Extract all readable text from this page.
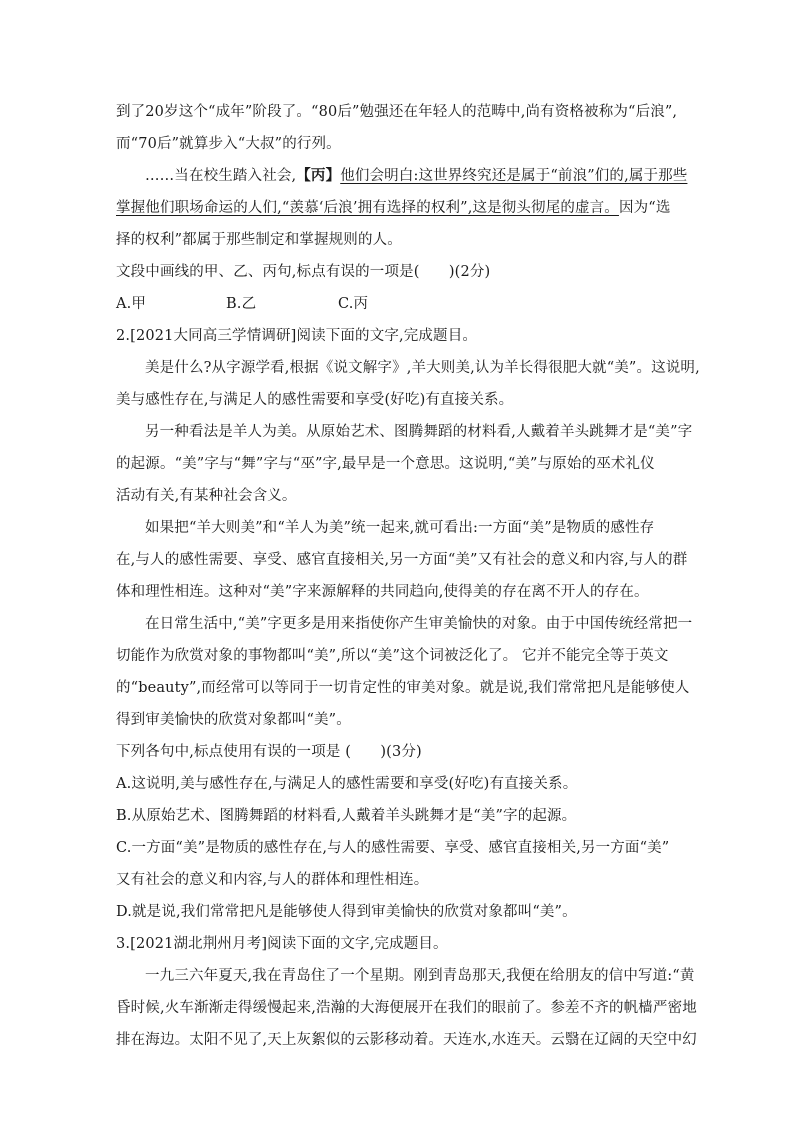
到了20岁这个“成年”阶段了。“80后”勉强还在年轻人的范畴中,尚有资格被称为“后浪”,
而“70后”就算步入“大叔”的行列。
……当在校生踏入社会,【丙】他们会明白:这世界终究还是属于“前浪”们的,属于那些
掌握他们职场命运的人们,“羡慕‘后浪’拥有选择的权利”,这是彻头彻尾的虚言。因为“选
择的权利”都属于那些制定和掌握规则的人。
文段中画线的甲、乙、丙句,标点有误的一项是(　　)(2分)
A.甲	B.乙	C.丙
2.[2021大同高三学情调研]阅读下面的文字,完成题目。
美是什么?从字源学看,根据《说文解字》,羊大则美,认为羊长得很肥大就“美”。这说明,
美与感性存在,与满足人的感性需要和享受(好吃)有直接关系。
另一种看法是羊人为美。从原始艺术、图腾舞蹈的材料看,人戴着羊头跳舞才是“美”字
的起源。“美”字与“舞”字与“巫”字,最早是一个意思。这说明,“美”与原始的巫术礼仪
活动有关,有某种社会含义。
如果把“羊大则美”和“羊人为美”统一起来,就可看出:一方面“美”是物质的感性存
在,与人的感性需要、享受、感官直接相关,另一方面“美”又有社会的意义和内容,与人的群
体和理性相连。这种对“美”字来源解释的共同趋向,使得美的存在离不开人的存在。
在日常生活中,“美”字更多是用来指使你产生审美愉快的对象。由于中国传统经常把一
切能作为欣赏对象的事物都叫“美”,所以“美”这个词被泛化了。 它并不能完全等于英文
的“beauty”,而经常可以等同于一切肯定性的审美对象。就是说,我们常常把凡是能够使人
得到审美愉快的欣赏对象都叫“美”。
下列各句中,标点使用有误的一项是 (　　)(3分)
A.这说明,美与感性存在,与满足人的感性需要和享受(好吃)有直接关系。
B.从原始艺术、图腾舞蹈的材料看,人戴着羊头跳舞才是“美”字的起源。
C.一方面“美”是物质的感性存在,与人的感性需要、享受、感官直接相关,另一方面“美”
又有社会的意义和内容,与人的群体和理性相连。
D.就是说,我们常常把凡是能够使人得到审美愉快的欣赏对象都叫“美”。
3.[2021湖北荆州月考]阅读下面的文字,完成题目。
一九三六年夏天,我在青岛住了一个星期。刚到青岛那天,我便在给朋友的信中写道:“黄
昏时候,火车渐渐走得缓慢起来,浩瀚的大海便展开在我们的眼前了。参差不齐的帆樯严密地
排在海边。太阳不见了,天上灰絮似的云影移动着。天连水,水连天。云翳在辽阔的天空中幻
